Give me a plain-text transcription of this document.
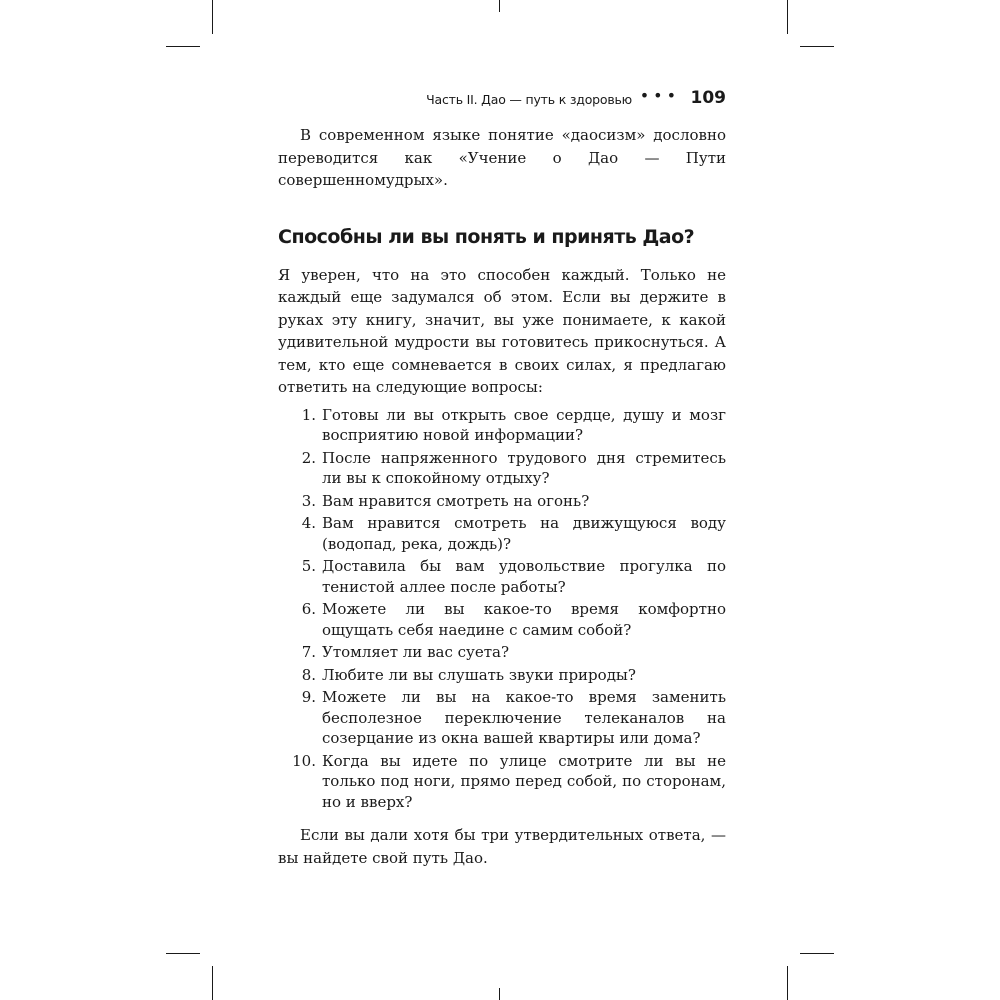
Часть II. Дао — путь к здоровью ••• 109

В современном языке понятие «даосизм» дословно переводится как «Учение о Дао — Пути совершенномудрых».

Способны ли вы понять и принять Дао?

Я уверен, что на это способен каждый. Только не каждый еще задумался об этом. Если вы держите в руках эту книгу, значит, вы уже понимаете, к какой удивительной мудрости вы готовитесь прикоснуться. А тем, кто еще сомневается в своих силах, я предлагаю ответить на следующие вопросы:

1. Готовы ли вы открыть свое сердце, душу и мозг восприятию новой информации?
2. После напряженного трудового дня стремитесь ли вы к спокойному отдыху?
3. Вам нравится смотреть на огонь?
4. Вам нравится смотреть на движущуюся воду (водопад, река, дождь)?
5. Доставила бы вам удовольствие прогулка по тенистой аллее после работы?
6. Можете ли вы какое-то время комфортно ощущать себя наедине с самим собой?
7. Утомляет ли вас суета?
8. Любите ли вы слушать звуки природы?
9. Можете ли вы на какое-то время заменить бесполезное переключение телеканалов на созерцание из окна вашей квартиры или дома?
10. Когда вы идете по улице смотрите ли вы не только под ноги, прямо перед собой, по сторонам, но и вверх?

Если вы дали хотя бы три утвердительных ответа, — вы найдете свой путь Дао.
